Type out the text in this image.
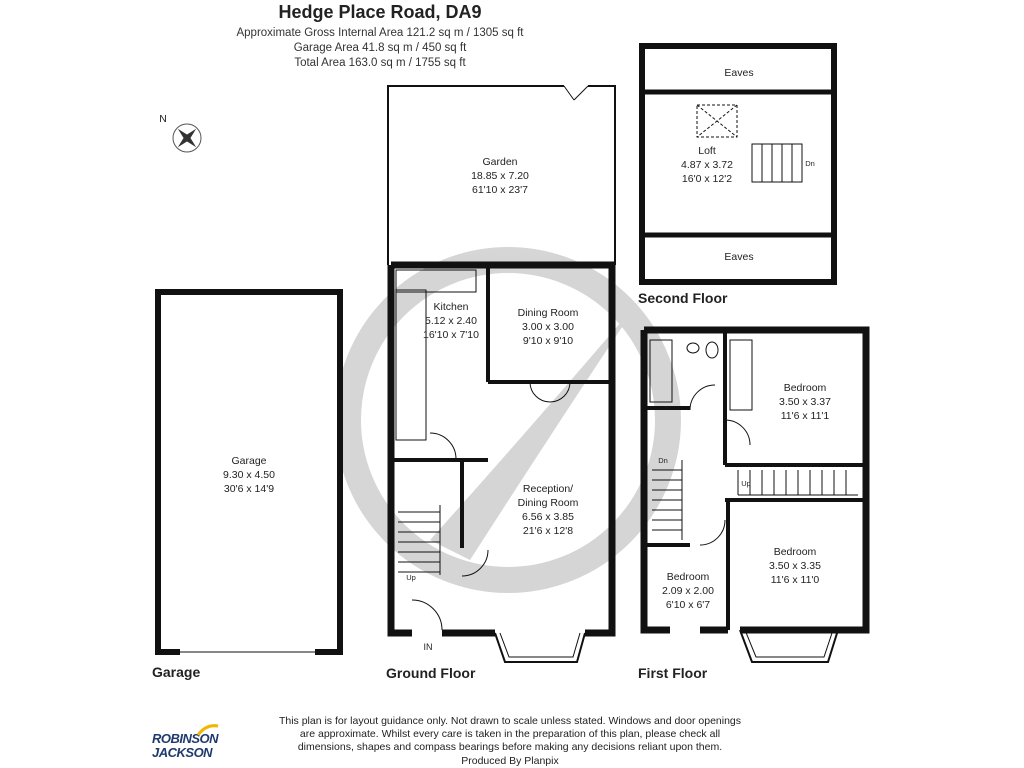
Hedge Place Road, DA9
Approximate Gross Internal Area 121.2 sq m / 1305 sq ft
Garage Area 41.8 sq m / 450 sq ft
Total Area 163.0 sq m / 1755 sq ft
N
Garage
9.30 x 4.50
30'6 x 14'9
Kitchen
5.12 x 2.40
16'10 x 7'10
Dining Room
3.00 x 3.00
9'10 x 9'10
Reception/
Dining Room
6.56 x 3.85
21'6 x 12'8
Garden
18.85 x 7.20
61'10 x 23'7
Up
IN
Eaves
Eaves
Loft
4.87 x 3.72
16'0 x 12'2
Dn
Bedroom
3.50 x 3.37
11'6 x 11'1
Bedroom
3.50 x 3.35
11'6 x 11'0
Bedroom
2.09 x 2.00
6'10 x 6'7
Dn
Up
Garage	Ground Floor	First Floor
Second Floor
This plan is for layout guidance only. Not drawn to scale unless stated. Windows and door openings
are approximate. Whilst every care is taken in the preparation of this plan, please check all
dimensions, shapes and compass bearings before making any decisions reliant upon them.
Produced By Planpix
ROBINSON
JACKSON
